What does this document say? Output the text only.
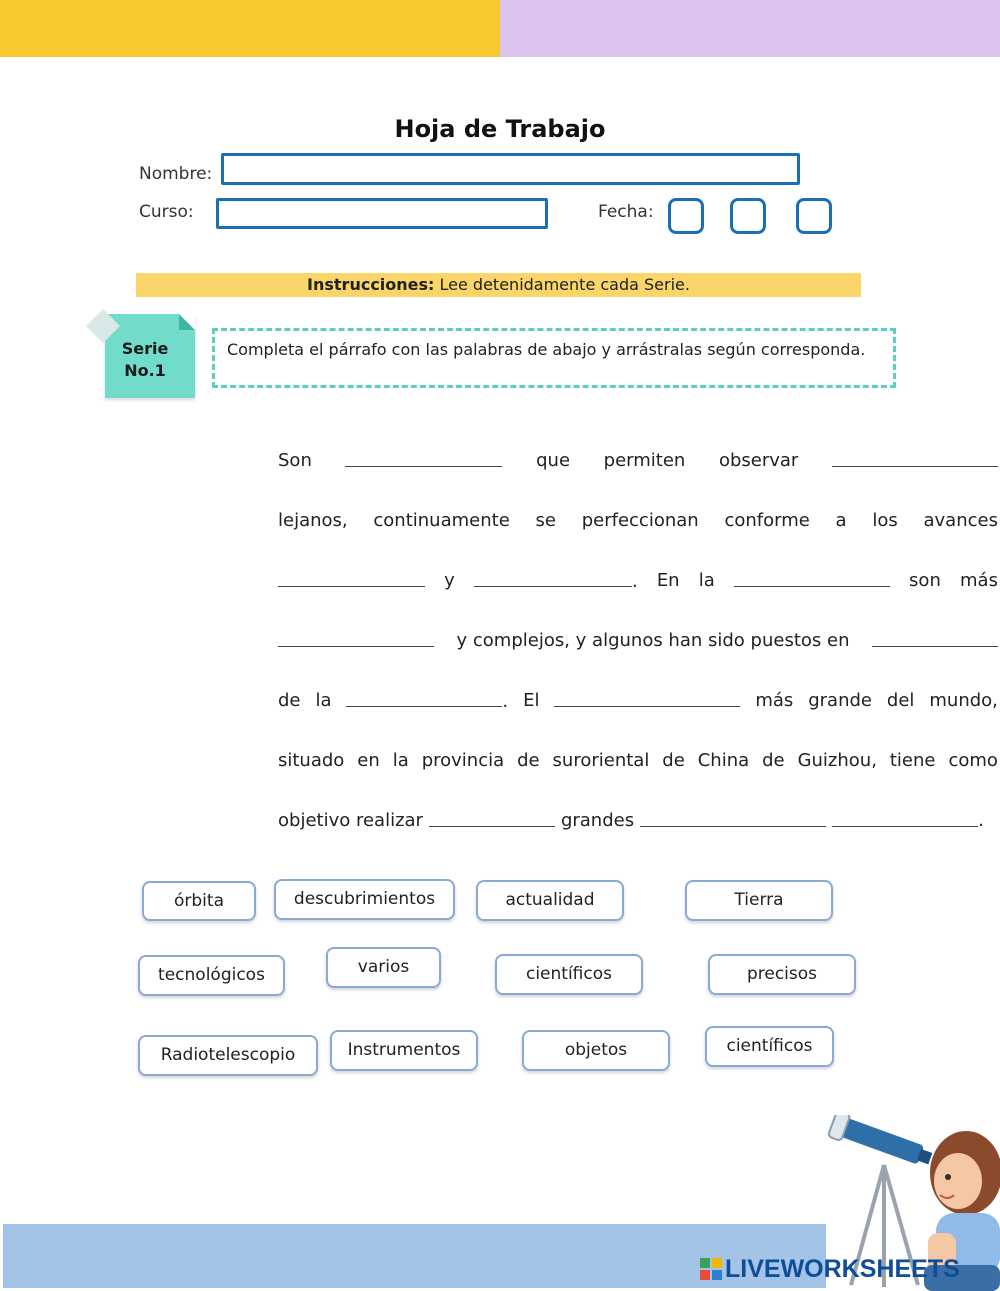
Hoja de Trabajo
Nombre:
Curso:	Fecha:
Instrucciones: Lee detenidamente cada Serie.
Serie
No.1
Completa el párrafo con las palabras de abajo y arrástralas según corresponda.
Son	que permiten observar
lejanos, continuamente se perfeccionan conforme a los avances
y	. En la	son más
y complejos, y algunos han sido puestos en
de la	. El	más grande del mundo,
situado en la provincia de suroriental de China de Guizhou, tiene como
objetivo realizar	grandes	.
órbita	descubrimientos	actualidad	Tierra
tecnológicos	varios	científicos	precisos
Radiotelescopio	Instrumentos	objetos	científicos
LIVEWORKSHEETS
